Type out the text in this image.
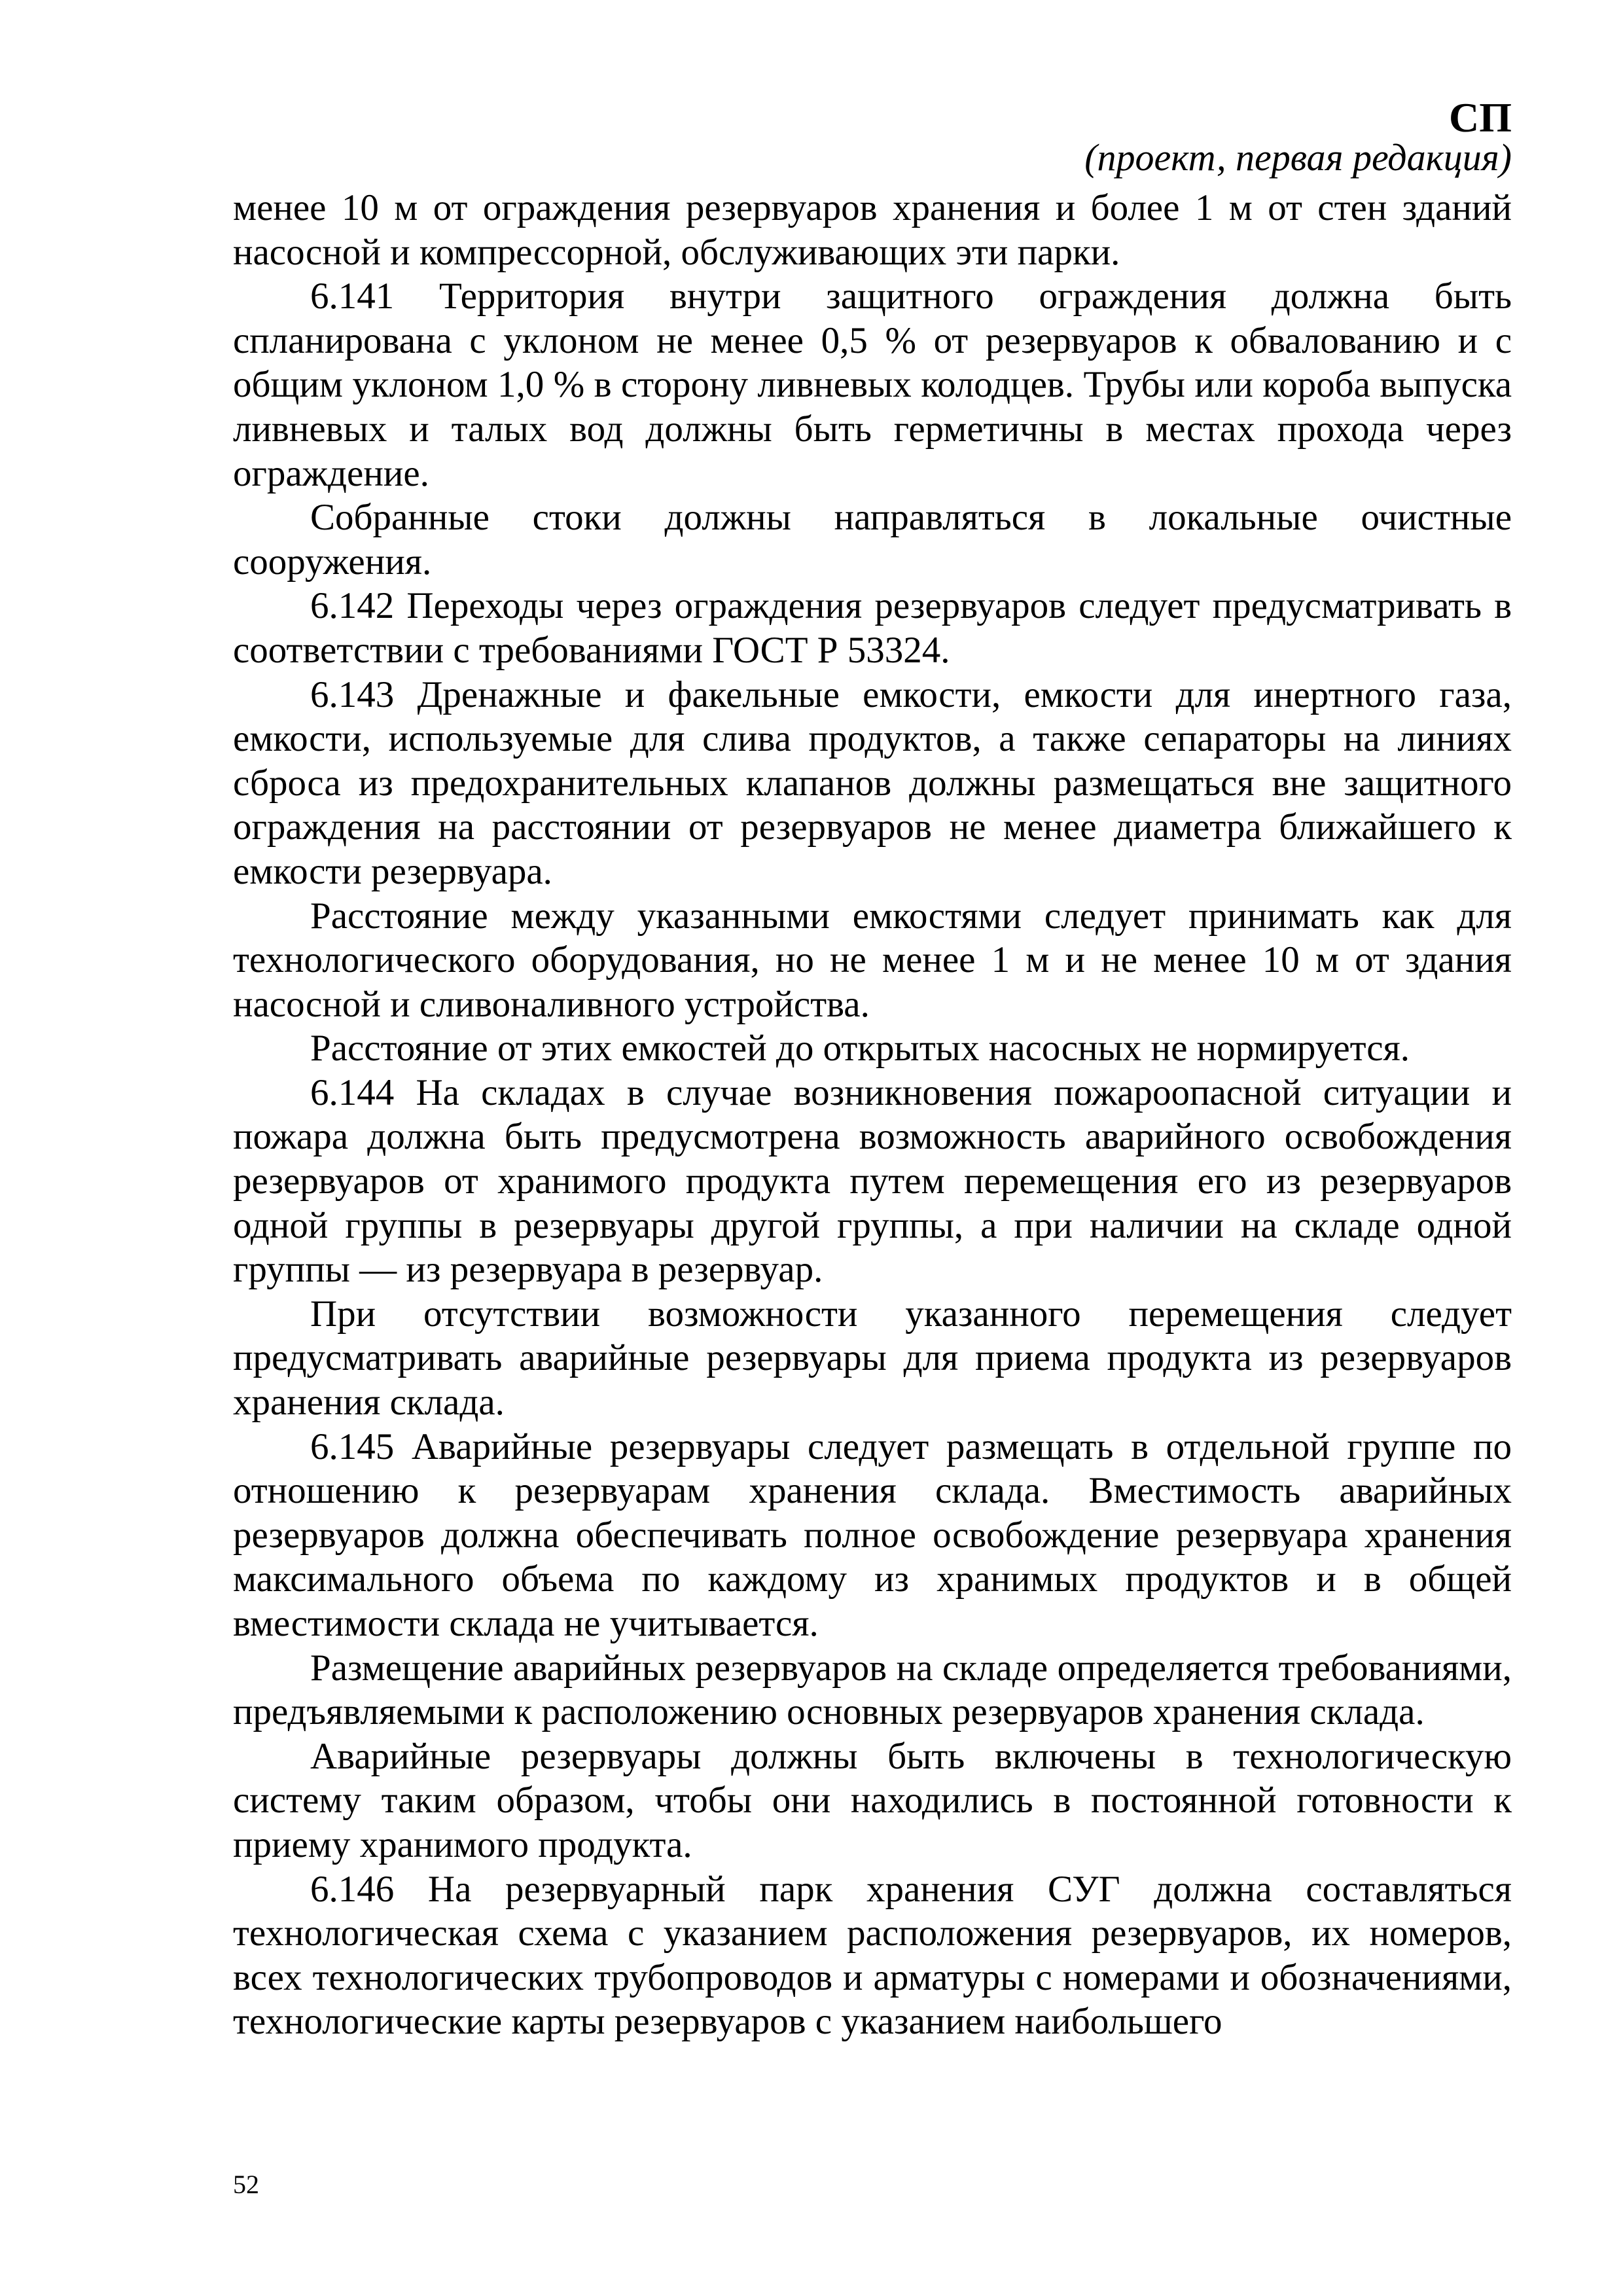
СП
(проект, первая редакция)

менее 10 м от ограждения резервуаров хранения и более 1 м от стен зданий насосной и компрессорной, обслуживающих эти парки.

6.141 Территория внутри защитного ограждения должна быть спланирована с уклоном не менее 0,5 % от резервуаров к обвалованию и с общим уклоном 1,0 % в сторону ливневых колодцев. Трубы или короба выпуска ливневых и талых вод должны быть герметичны в местах прохода через ограждение.

Собранные стоки должны направляться в локальные очистные сооружения.

6.142 Переходы через ограждения резервуаров следует предусматривать в соответствии с требованиями ГОСТ Р 53324.

6.143 Дренажные и факельные емкости, емкости для инертного газа, емкости, используемые для слива продуктов, а также сепараторы на линиях сброса из предохранительных клапанов должны размещаться вне защитного ограждения на расстоянии от резервуаров не менее диаметра ближайшего к емкости резервуара.

Расстояние между указанными емкостями следует принимать как для технологического оборудования, но не менее 1 м и не менее 10 м от здания насосной и сливоналивного устройства.

Расстояние от этих емкостей до открытых насосных не нормируется.

6.144 На складах в случае возникновения пожароопасной ситуации и пожара должна быть предусмотрена возможность аварийного освобождения резервуаров от хранимого продукта путем перемещения его из резервуаров одной группы в резервуары другой группы, а при наличии на складе одной группы — из резервуара в резервуар.

При отсутствии возможности указанного перемещения следует предусматривать аварийные резервуары для приема продукта из резервуаров хранения склада.

6.145 Аварийные резервуары следует размещать в отдельной группе по отношению к резервуарам хранения склада. Вместимость аварийных резервуаров должна обеспечивать полное освобождение резервуара хранения максимального объема по каждому из хранимых продуктов и в общей вместимости склада не учитывается.

Размещение аварийных резервуаров на складе определяется требованиями, предъявляемыми к расположению основных резервуаров хранения склада.

Аварийные резервуары должны быть включены в технологическую систему таким образом, чтобы они находились в постоянной готовности к приему хранимого продукта.

6.146 На резервуарный парк хранения СУГ должна составляться технологическая схема с указанием расположения резервуаров, их номеров, всех технологических трубопроводов и арматуры с номерами и обозначениями, технологические карты резервуаров с указанием наибольшего

52
